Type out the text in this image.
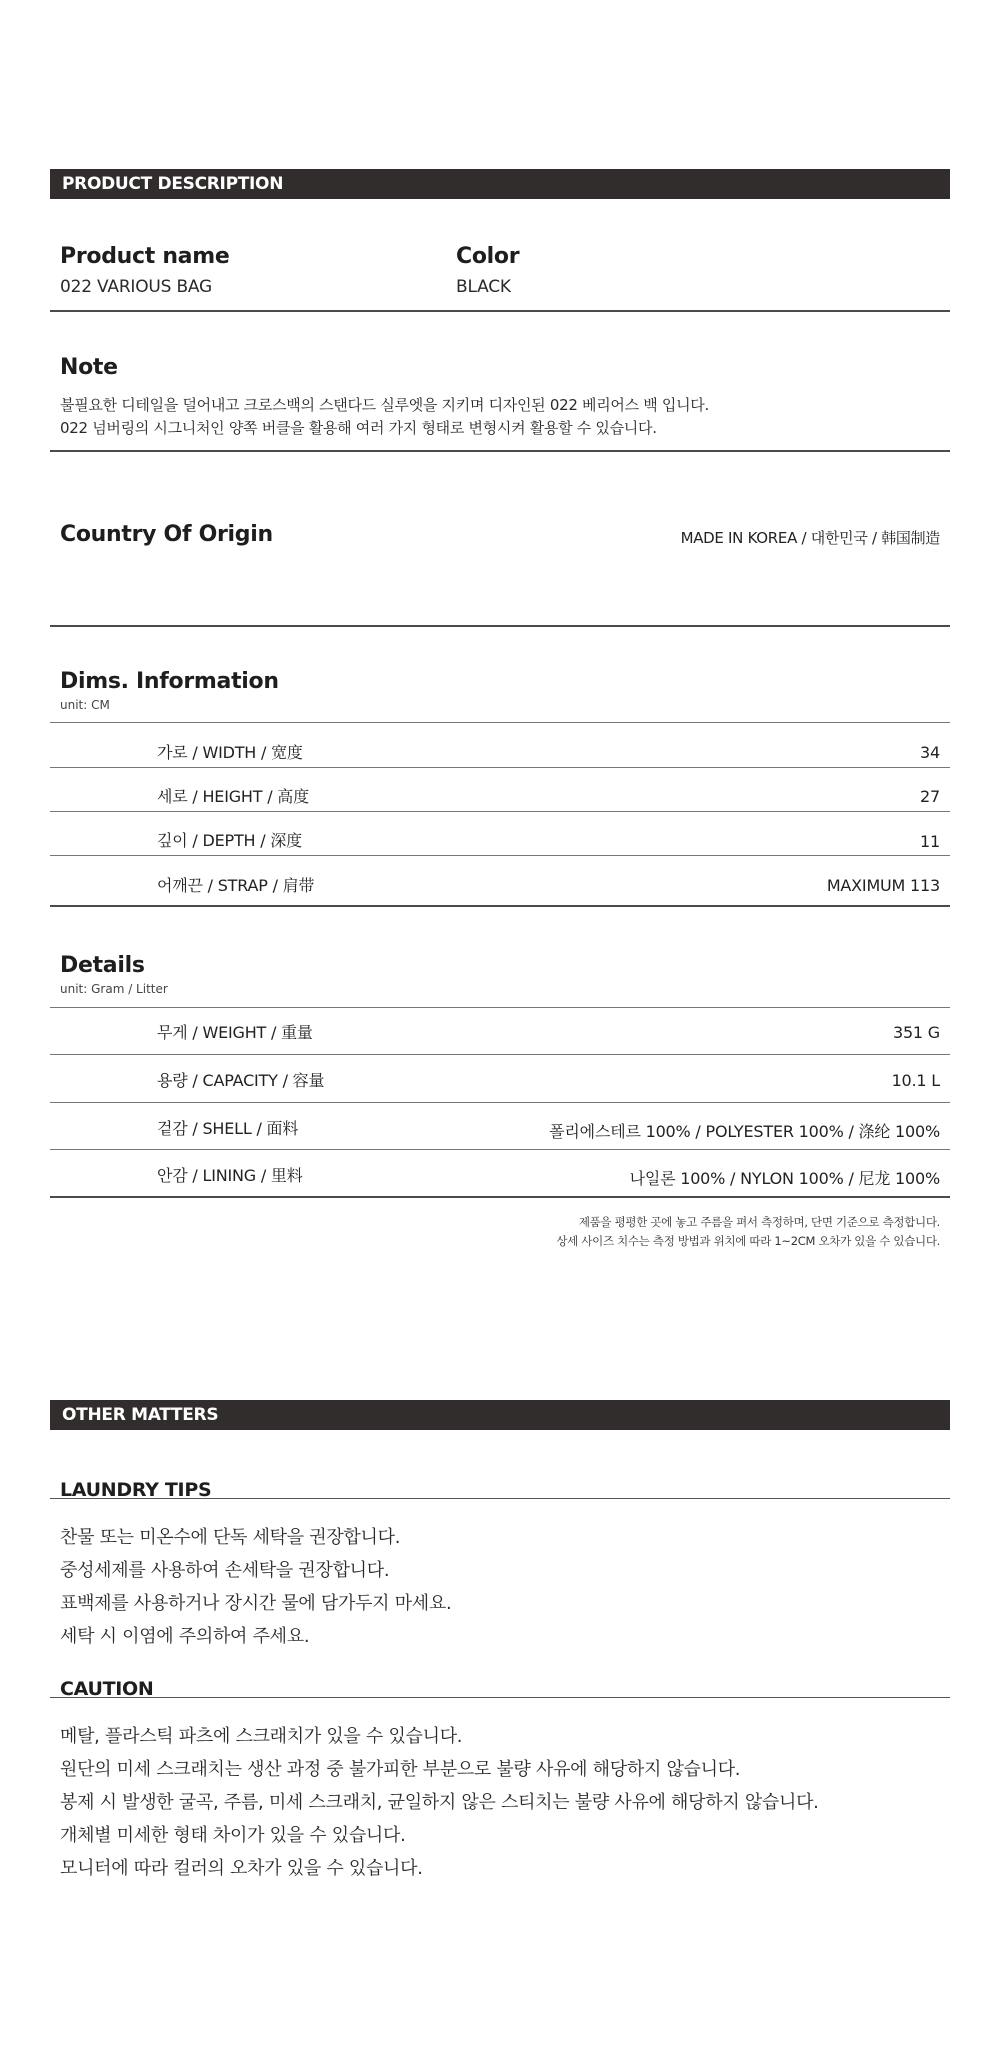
PRODUCT DESCRIPTION
Product name
022 VARIOUS BAG
Color
BLACK
Note
불필요한 디테일을 덜어내고 크로스백의 스탠다드 실루엣을 지키며 디자인된 022 베리어스 백 입니다.
022 넘버링의 시그니처인 양쪽 버클을 활용해 여러 가지 형태로 변형시켜 활용할 수 있습니다.
Country Of Origin	MADE IN KOREA / 대한민국 / 韩国制造
Dims. Information
unit: CM
가로 / WIDTH / 宽度	34
세로 / HEIGHT / 高度	27
깊이 / DEPTH / 深度	11
어깨끈 / STRAP / 肩带	MAXIMUM 113
Details
unit: Gram / Litter
무게 / WEIGHT / 重量	351 G
용량 / CAPACITY / 容量	10.1 L
겉감 / SHELL / 面料	폴리에스테르 100% / POLYESTER 100% / 涤纶 100%
안감 / LINING / 里料	나일론 100% / NYLON 100% / 尼龙 100%
제품을 평평한 곳에 놓고 주름을 펴서 측정하며, 단면 기준으로 측정합니다.
상세 사이즈 치수는 측정 방법과 위치에 따라 1~2CM 오차가 있을 수 있습니다.
OTHER MATTERS
LAUNDRY TIPS
찬물 또는 미온수에 단독 세탁을 권장합니다.
중성세제를 사용하여 손세탁을 권장합니다.
표백제를 사용하거나 장시간 물에 담가두지 마세요.
세탁 시 이염에 주의하여 주세요.
CAUTION
메탈, 플라스틱 파츠에 스크래치가 있을 수 있습니다.
원단의 미세 스크래치는 생산 과정 중 불가피한 부분으로 불량 사유에 해당하지 않습니다.
봉제 시 발생한 굴곡, 주름, 미세 스크래치, 균일하지 않은 스티치는 불량 사유에 해당하지 않습니다.
개체별 미세한 형태 차이가 있을 수 있습니다.
모니터에 따라 컬러의 오차가 있을 수 있습니다.
